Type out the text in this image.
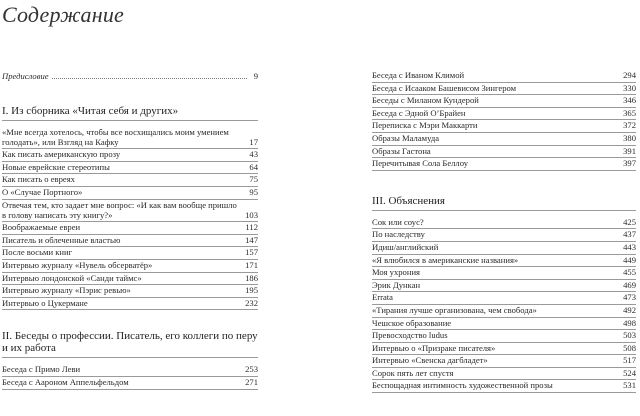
Содержание
Предисловие	9
I. Из сборника «Читая себя и других»
«Мне всегда хотелось, чтобы все восхищались моим умением голодать», или Взгляд на Кафку	17
Как писать американскую прозу	43
Новые еврейские стереотипы	64
Как писать о евреях	75
О «Случае Портного»	95
Отвечая тем, кто задает мне вопрос: «И как вам вообще пришло в голову написать эту книгу?»	103
Воображаемые евреи	112
Писатель и облеченные властью	147
После восьми книг	157
Интервью журналу «Нувель обсерватёр»	171
Интервью лондонской «Санди таймс»	186
Интервью журналу «Пэрис ревью»	195
Интервью о Цукермане	232
II. Беседы о профессии. Писатель, его коллеги по перу и их работа
Беседа с Примо Леви	253
Беседа с Аароном Аппельфельдом	271
Беседа с Иваном Климой	294
Беседа с Исааком Башевисом Зингером	330
Беседы с Миланом Кундерой	346
Беседа с Эдной О’Брайен	365
Переписка с Мэри Маккарти	372
Образы Маламуда	380
Образы Гастона	391
Перечитывая Сола Беллоу	397
III. Объяснения
Сок или соус?	425
По наследству	437
Идиш/английский	443
«Я влюбился в американские названия»	449
Моя ухрония	455
Эрик Дункан	469
Errata	473
«Тирания лучше организована, чем свобода»	492
Чешское образование	498
Превосходство ludus	503
Интервью о «Призраке писателя»	508
Интервью «Свенска дагбладет»	517
Сорок пять лет спустя	524
Беспощадная интимность художественной прозы	531
